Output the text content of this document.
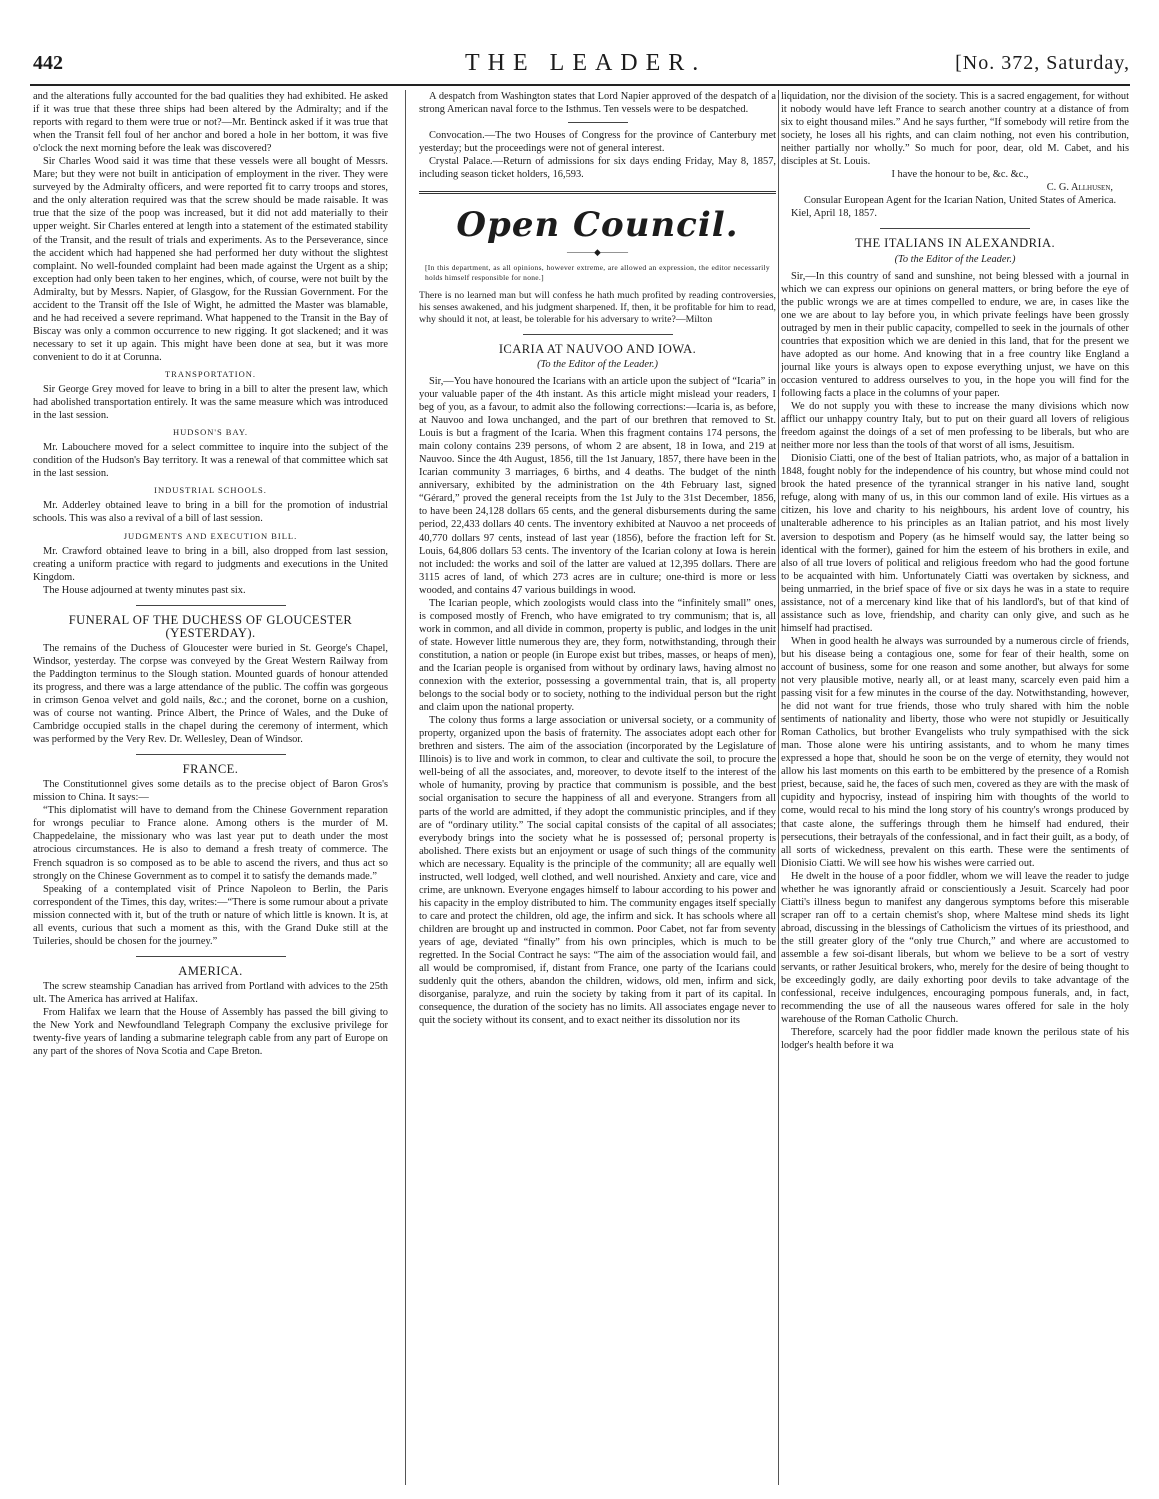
442	THE LEADER.	[No. 372, Saturday,

and the alterations fully accounted for the bad qualities they had exhibited. He asked if it was true that these three ships had been altered by the Admiralty; and if the reports with regard to them were true or not?—Mr. Bentinck asked if it was true that when the Transit fell foul of her anchor and bored a hole in her bottom, it was five o'clock the next morning before the leak was discovered?

Sir Charles Wood said it was time that these vessels were all bought of Messrs. Mare; but they were not built in anticipation of employment in the river. They were surveyed by the Admiralty officers, and were reported fit to carry troops and stores, and the only alteration required was that the screw should be made raisable. It was true that the size of the poop was increased, but it did not add materially to their upper weight. Sir Charles entered at length into a statement of the estimated stability of the Transit, and the result of trials and experiments. As to the Perseverance, since the accident which had happened she had performed her duty without the slightest complaint. No well-founded complaint had been made against the Urgent as a ship; exception had only been taken to her engines, which, of course, were not built by the Admiralty, but by Messrs. Napier, of Glasgow, for the Russian Government. For the accident to the Transit off the Isle of Wight, he admitted the Master was blamable, and he had received a severe reprimand. What happened to the Transit in the Bay of Biscay was only a common occurrence to new rigging. It got slackened; and it was necessary to set it up again. This might have been done at sea, but it was more convenient to do it at Corunna.

TRANSPORTATION.

Sir George Grey moved for leave to bring in a bill to alter the present law, which had abolished transportation entirely. It was the same measure which was introduced in the last session.

HUDSON'S BAY.

Mr. Labouchere moved for a select committee to inquire into the subject of the condition of the Hudson's Bay territory. It was a renewal of that committee which sat in the last session.

INDUSTRIAL SCHOOLS.

Mr. Adderley obtained leave to bring in a bill for the promotion of industrial schools. This was also a revival of a bill of last session.

JUDGMENTS AND EXECUTION BILL.

Mr. Crawford obtained leave to bring in a bill, also dropped from last session, creating a uniform practice with regard to judgments and executions in the United Kingdom.

The House adjourned at twenty minutes past six.

FUNERAL OF THE DUCHESS OF GLOUCESTER (YESTERDAY).

The remains of the Duchess of Gloucester were buried in St. George's Chapel, Windsor, yesterday. The corpse was conveyed by the Great Western Railway from the Paddington terminus to the Slough station. Mounted guards of honour attended its progress, and there was a large attendance of the public. The coffin was gorgeous in crimson Genoa velvet and gold nails, &c.; and the coronet, borne on a cushion, was of course not wanting. Prince Albert, the Prince of Wales, and the Duke of Cambridge occupied stalls in the chapel during the ceremony of interment, which was performed by the Very Rev. Dr. Wellesley, Dean of Windsor.

FRANCE.

The Constitutionnel gives some details as to the precise object of Baron Gros's mission to China. It says:—

“This diplomatist will have to demand from the Chinese Government reparation for wrongs peculiar to France alone. Among others is the murder of M. Chappedelaine, the missionary who was last year put to death under the most atrocious circumstances. He is also to demand a fresh treaty of commerce. The French squadron is so composed as to be able to ascend the rivers, and thus act so strongly on the Chinese Government as to compel it to satisfy the demands made.”

Speaking of a contemplated visit of Prince Napoleon to Berlin, the Paris correspondent of the Times, this day, writes:—“There is some rumour about a private mission connected with it, but of the truth or nature of which little is known. It is, at all events, curious that such a moment as this, with the Grand Duke still at the Tuileries, should be chosen for the journey.”

AMERICA.

The screw steamship Canadian has arrived from Portland with advices to the 25th ult. The America has arrived at Halifax.

From Halifax we learn that the House of Assembly has passed the bill giving to the New York and Newfoundland Telegraph Company the exclusive privilege for twenty-five years of landing a submarine telegraph cable from any part of Europe on any part of the shores of Nova Scotia and Cape Breton.

A despatch from Washington states that Lord Napier approved of the despatch of a strong American naval force to the Isthmus. Ten vessels were to be despatched.

Convocation.—The two Houses of Congress for the province of Canterbury met yesterday; but the proceedings were not of general interest.

Crystal Palace.—Return of admissions for six days ending Friday, May 8, 1857, including season ticket holders, 16,593.

Open Council.
———◆———
[In this department, as all opinions, however extreme, are allowed an expression, the editor necessarily holds himself responsible for none.]

There is no learned man but will confess he hath much profited by reading controversies, his senses awakened, and his judgment sharpened. If, then, it be profitable for him to read, why should it not, at least, be tolerable for his adversary to write?—Milton

ICARIA AT NAUVOO AND IOWA.
(To the Editor of the Leader.)

Sir,—You have honoured the Icarians with an article upon the subject of “Icaria” in your valuable paper of the 4th instant. As this article might mislead your readers, I beg of you, as a favour, to admit also the following corrections:—Icaria is, as before, at Nauvoo and Iowa unchanged, and the part of our brethren that removed to St. Louis is but a fragment of the Icaria. When this fragment contains 174 persons, the main colony contains 239 persons, of whom 2 are absent, 18 in Iowa, and 219 at Nauvoo. Since the 4th August, 1856, till the 1st January, 1857, there have been in the Icarian community 3 marriages, 6 births, and 4 deaths. The budget of the ninth anniversary, exhibited by the administration on the 4th February last, signed “Gérard,” proved the general receipts from the 1st July to the 31st December, 1856, to have been 24,128 dollars 65 cents, and the general disbursements during the same period, 22,433 dollars 40 cents. The inventory exhibited at Nauvoo a net proceeds of 40,770 dollars 97 cents, instead of last year (1856), before the fraction left for St. Louis, 64,806 dollars 53 cents. The inventory of the Icarian colony at Iowa is herein not included: the works and soil of the latter are valued at 12,395 dollars. There are 3115 acres of land, of which 273 acres are in culture; one-third is more or less wooded, and contains 47 various buildings in wood.

The Icarian people, which zoologists would class into the “infinitely small” ones, is composed mostly of French, who have emigrated to try communism; that is, all work in common, and all divide in common, property is public, and lodges in the unit of state. However little numerous they are, they form, notwithstanding, through their constitution, a nation or people (in Europe exist but tribes, masses, or heaps of men), and the Icarian people is organised from without by ordinary laws, having almost no connexion with the exterior, possessing a governmental train, that is, all property belongs to the social body or to society, nothing to the individual person but the right and claim upon the national property.

The colony thus forms a large association or universal society, or a community of property, organized upon the basis of fraternity. The associates adopt each other for brethren and sisters. The aim of the association (incorporated by the Legislature of Illinois) is to live and work in common, to clear and cultivate the soil, to procure the well-being of all the associates, and, moreover, to devote itself to the interest of the whole of humanity, proving by practice that communism is possible, and the best social organisation to secure the happiness of all and everyone. Strangers from all parts of the world are admitted, if they adopt the communistic principles, and if they are of “ordinary utility.” The social capital consists of the capital of all associates; everybody brings into the society what he is possessed of; personal property is abolished. There exists but an enjoyment or usage of such things of the community which are necessary. Equality is the principle of the community; all are equally well instructed, well lodged, well clothed, and well nourished. Anxiety and care, vice and crime, are unknown. Everyone engages himself to labour according to his power and his capacity in the employ distributed to him. The community engages itself specially to care and protect the children, old age, the infirm and sick. It has schools where all children are brought up and instructed in common. Poor Cabet, not far from seventy years of age, deviated “finally” from his own principles, which is much to be regretted. In the Social Contract he says: “The aim of the association would fail, and all would be compromised, if, distant from France, one party of the Icarians could suddenly quit the others, abandon the children, widows, old men, infirm and sick, disorganise, paralyze, and ruin the society by taking from it part of its capital. In consequence, the duration of the society has no limits. All associates engage never to quit the society without its consent, and to exact neither its dissolution nor its

liquidation, nor the division of the society. This is a sacred engagement, for without it nobody would have left France to search another country at a distance of from six to eight thousand miles.” And he says further, “If somebody will retire from the society, he loses all his rights, and can claim nothing, not even his contribution, neither partially nor wholly.” So much for poor, dear, old M. Cabet, and his disciples at St. Louis.

I have the honour to be, &c. &c.,

C. G. Allhusen,

Consular European Agent for the Icarian Nation, United States of America.

Kiel, April 18, 1857.

THE ITALIANS IN ALEXANDRIA.
(To the Editor of the Leader.)

Sir,—In this country of sand and sunshine, not being blessed with a journal in which we can express our opinions on general matters, or bring before the eye of the public wrongs we are at times compelled to endure, we are, in cases like the one we are about to lay before you, in which private feelings have been grossly outraged by men in their public capacity, compelled to seek in the journals of other countries that exposition which we are denied in this land, that for the present we have adopted as our home. And knowing that in a free country like England a journal like yours is always open to expose everything unjust, we have on this occasion ventured to address ourselves to you, in the hope you will find for the following facts a place in the columns of your paper.

We do not supply you with these to increase the many divisions which now afflict our unhappy country Italy, but to put on their guard all lovers of religious freedom against the doings of a set of men professing to be liberals, but who are neither more nor less than the tools of that worst of all isms, Jesuitism.

Dionisio Ciatti, one of the best of Italian patriots, who, as major of a battalion in 1848, fought nobly for the independence of his country, but whose mind could not brook the hated presence of the tyrannical stranger in his native land, sought refuge, along with many of us, in this our common land of exile. His virtues as a citizen, his love and charity to his neighbours, his ardent love of country, his unalterable adherence to his principles as an Italian patriot, and his most lively aversion to despotism and Popery (as he himself would say, the latter being so identical with the former), gained for him the esteem of his brothers in exile, and also of all true lovers of political and religious freedom who had the good fortune to be acquainted with him. Unfortunately Ciatti was overtaken by sickness, and being unmarried, in the brief space of five or six days he was in a state to require assistance, not of a mercenary kind like that of his landlord's, but of that kind of assistance such as love, friendship, and charity can only give, and such as he himself had practised.

When in good health he always was surrounded by a numerous circle of friends, but his disease being a contagious one, some for fear of their health, some on account of business, some for one reason and some another, but always for some not very plausible motive, nearly all, or at least many, scarcely even paid him a passing visit for a few minutes in the course of the day. Notwithstanding, however, he did not want for true friends, those who truly shared with him the noble sentiments of nationality and liberty, those who were not stupidly or Jesuitically Roman Catholics, but brother Evangelists who truly sympathised with the sick man. Those alone were his untiring assistants, and to whom he many times expressed a hope that, should he soon be on the verge of eternity, they would not allow his last moments on this earth to be embittered by the presence of a Romish priest, because, said he, the faces of such men, covered as they are with the mask of cupidity and hypocrisy, instead of inspiring him with thoughts of the world to come, would recal to his mind the long story of his country's wrongs produced by that caste alone, the sufferings through them he himself had endured, their persecutions, their betrayals of the confessional, and in fact their guilt, as a body, of all sorts of wickedness, prevalent on this earth. These were the sentiments of Dionisio Ciatti. We will see how his wishes were carried out.

He dwelt in the house of a poor fiddler, whom we will leave the reader to judge whether he was ignorantly afraid or conscientiously a Jesuit. Scarcely had poor Ciatti's illness begun to manifest any dangerous symptoms before this miserable scraper ran off to a certain chemist's shop, where Maltese mind sheds its light abroad, discussing in the blessings of Catholicism the virtues of its priesthood, and the still greater glory of the “only true Church,” and where are accustomed to assemble a few soi-disant liberals, but whom we believe to be a sort of vestry servants, or rather Jesuitical brokers, who, merely for the desire of being thought to be exceedingly godly, are daily exhorting poor devils to take advantage of the confessional, receive indulgences, encouraging pompous funerals, and, in fact, recommending the use of all the nauseous wares offered for sale in the holy warehouse of the Roman Catholic Church.

Therefore, scarcely had the poor fiddler made known the perilous state of his lodger's health before it wa
